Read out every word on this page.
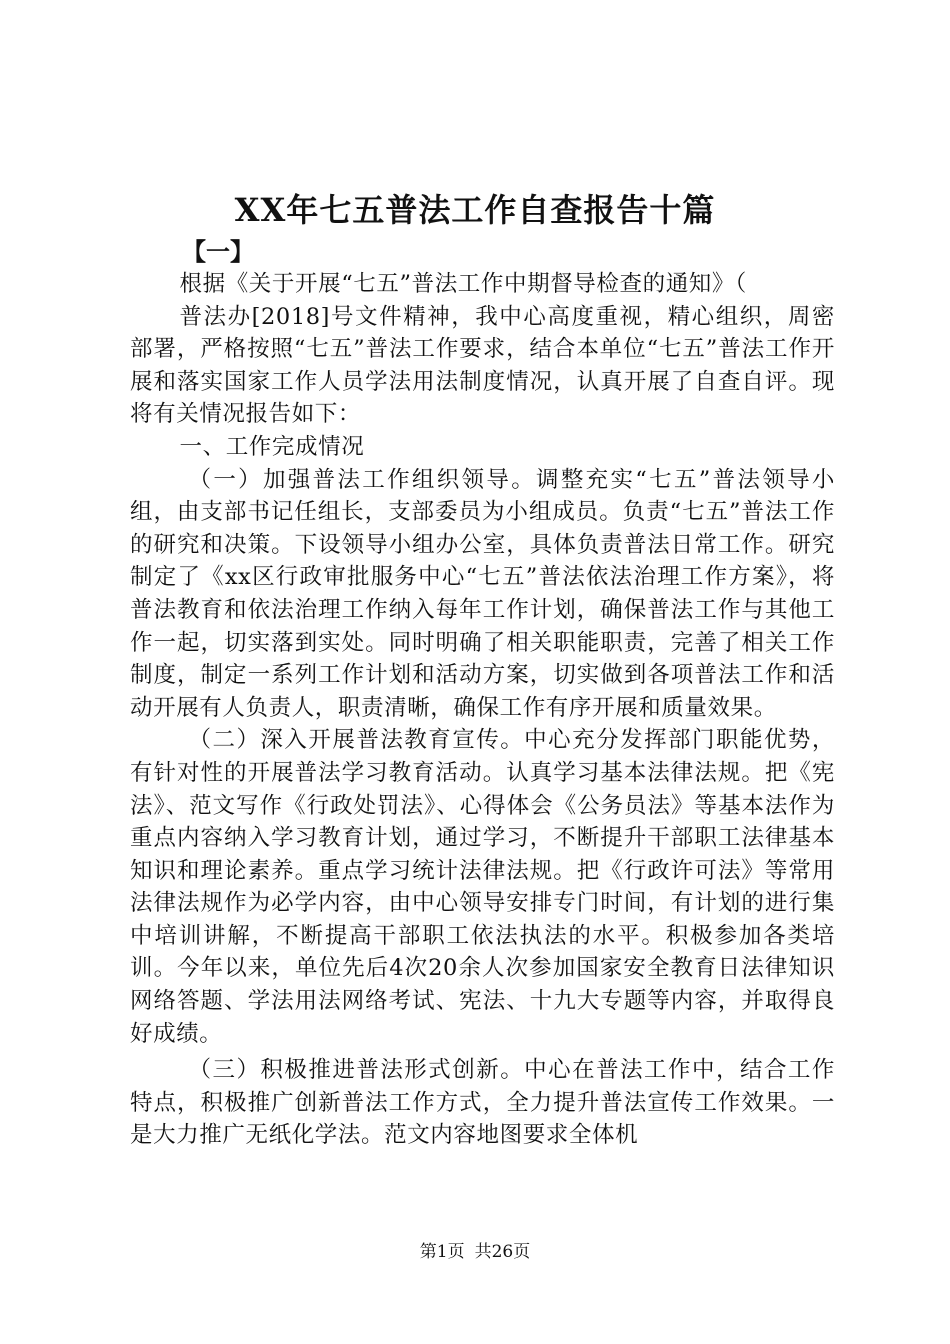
XX年七五普法工作自查报告十篇
【一】

根据《关于开展“七五”普法工作中期督导检查的通知》（

普法办[2018]号文件精神，我中心高度重视，精心组织，周密部署，严格按照“七五”普法工作要求，结合本单位“七五”普法工作开展和落实国家工作人员学法用法制度情况，认真开展了自查自评。现将有关情况报告如下：

一、工作完成情况

（一）加强普法工作组织领导。调整充实“七五”普法领导小组，由支部书记任组长，支部委员为小组成员。负责“七五”普法工作的研究和决策。下设领导小组办公室，具体负责普法日常工作。研究制定了《xx区行政审批服务中心“七五”普法依法治理工作方案》，将普法教育和依法治理工作纳入每年工作计划，确保普法工作与其他工作一起，切实落到实处。同时明确了相关职能职责，完善了相关工作制度，制定一系列工作计划和活动方案，切实做到各项普法工作和活动开展有人负责人，职责清晰，确保工作有序开展和质量效果。

（二）深入开展普法教育宣传。中心充分发挥部门职能优势，有针对性的开展普法学习教育活动。认真学习基本法律法规。把《宪法》、范文写作《行政处罚法》、心得体会《公务员法》等基本法作为重点内容纳入学习教育计划，通过学习，不断提升干部职工法律基本知识和理论素养。重点学习统计法律法规。把《行政许可法》等常用法律法规作为必学内容，由中心领导安排专门时间，有计划的进行集中培训讲解，不断提高干部职工依法执法的水平。积极参加各类培训。今年以来，单位先后4次20余人次参加国家安全教育日法律知识网络答题、学法用法网络考试、宪法、十九大专题等内容，并取得良好成绩。

（三）积极推进普法形式创新。中心在普法工作中，结合工作特点，积极推广创新普法工作方式，全力提升普法宣传工作效果。一是大力推广无纸化学法。范文内容地图要求全体机

第1页 共26页
